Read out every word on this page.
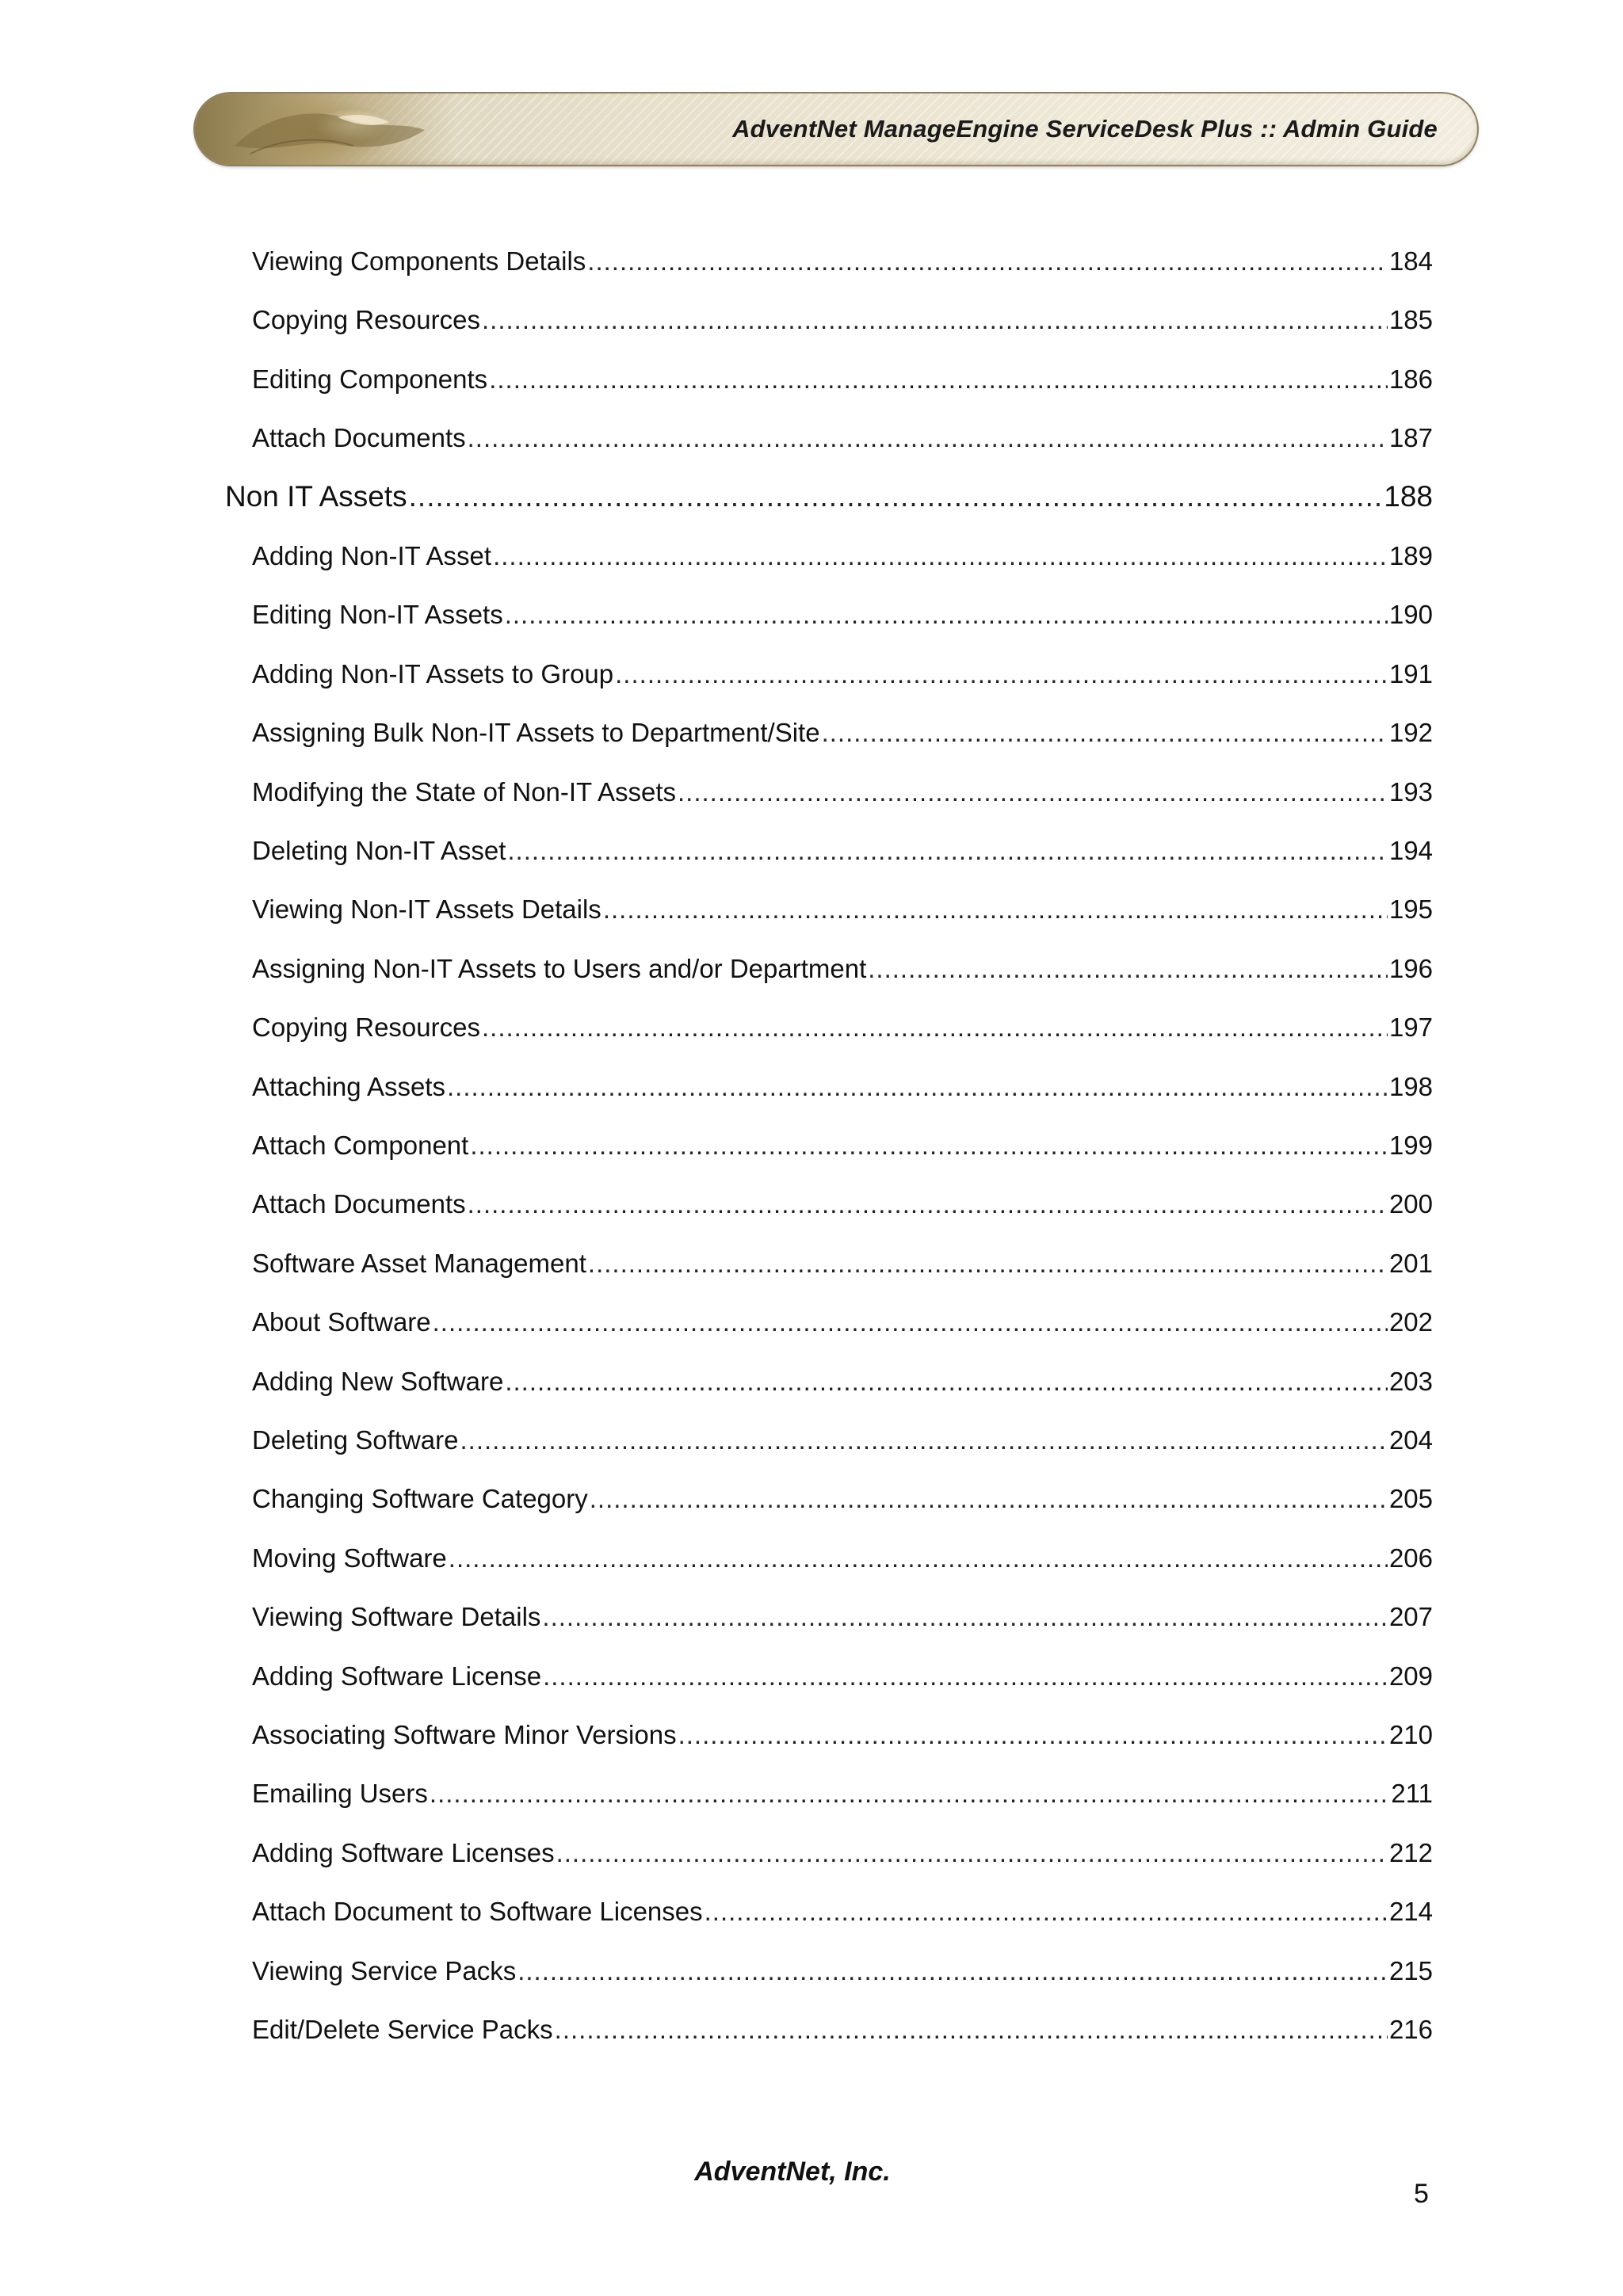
AdventNet ManageEngine ServiceDesk Plus :: Admin Guide
Viewing Components Details .....	184
Copying Resources .....	185
Editing Components .....	186
Attach Documents .....	187
Non IT Assets .....	188
Adding Non-IT Asset .....	189
Editing Non-IT Assets .....	190
Adding Non-IT Assets to Group .....	191
Assigning Bulk Non-IT Assets to Department/Site .....	192
Modifying the State of Non-IT Assets .....	193
Deleting Non-IT Asset .....	194
Viewing Non-IT Assets Details .....	195
Assigning Non-IT Assets to Users and/or Department .....	196
Copying Resources .....	197
Attaching Assets .....	198
Attach Component .....	199
Attach Documents .....	200
Software Asset Management .....	201
About Software .....	202
Adding New Software .....	203
Deleting Software .....	204
Changing Software Category .....	205
Moving Software .....	206
Viewing Software Details .....	207
Adding Software License .....	209
Associating Software Minor Versions .....	210
Emailing Users .....	211
Adding Software Licenses .....	212
Attach Document to Software Licenses .....	214
Viewing Service Packs .....	215
Edit/Delete Service Packs .....	216
AdventNet, Inc.
5
